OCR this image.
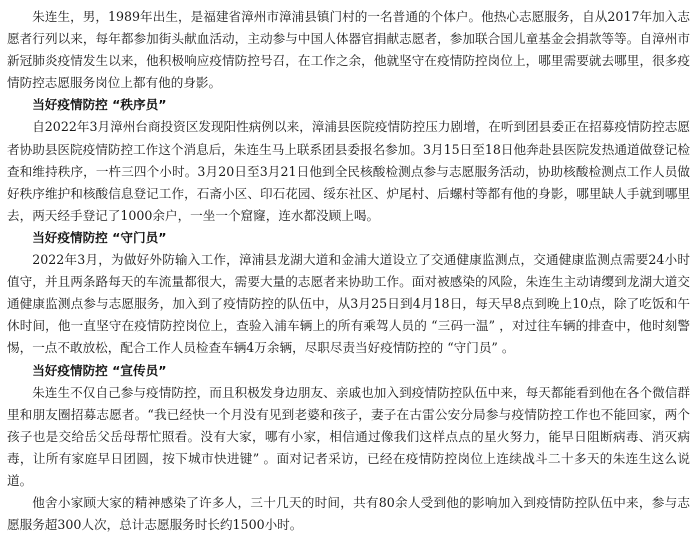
朱连生，男，1989年出生，是福建省漳州市漳浦县镇门村的一名普通的个体户。他热心志愿服务，自从2017年加入志愿者行列以来，每年都参加街头献血活动，主动参与中国人体器官捐献志愿者，参加联合国儿童基金会捐款等等。自漳州市新冠肺炎疫情发生以来，他积极响应疫情防控号召，在工作之余，他就坚守在疫情防控岗位上，哪里需要就去哪里，很多疫情防控志愿服务岗位上都有他的身影。

当好疫情防控 “秩序员”

自2022年3月漳州台商投资区发现阳性病例以来，漳浦县医院疫情防控压力剧增，在听到团县委正在招募疫情防控志愿者协助县医院疫情防控工作这个消息后，朱连生马上联系团县委报名参加。3月15日至18日他奔赴县医院发热通道做登记检查和维持秩序，一杵三四个小时。3月20日至3月21日他到全民核酸检测点参与志愿服务活动，协助核酸检测点工作人员做好秩序维护和核酸信息登记工作，石斋小区、印石花园、绥东社区、炉尾村、后螺村等都有他的身影，哪里缺人手就到哪里去，两天经手登记了1000余户，一坐一个窟窿，连水都没顾上喝。

当好疫情防控 “守门员”

2022年3月，为做好外防输入工作，漳浦县龙湖大道和金浦大道设立了交通健康监测点，交通健康监测点需要24小时值守，并且两条路每天的车流量都很大，需要大量的志愿者来协助工作。面对被感染的风险，朱连生主动请缨到龙湖大道交通健康监测点参与志愿服务，加入到了疫情防控的队伍中，从3月25日到4月18日，每天早8点到晚上10点，除了吃饭和午休时间，他一直坚守在疫情防控岗位上，查验入浦车辆上的所有乘驾人员的 “三码一温” ，对过往车辆的排查中，他时刻警惕，一点不敢放松，配合工作人员检查车辆4万余辆，尽职尽责当好疫情防控的 “守门员” 。

当好疫情防控 “宣传员”

朱连生不仅自己参与疫情防控，而且积极发身边朋友、亲戚也加入到疫情防控队伍中来，每天都能看到他在各个微信群里和朋友圈招募志愿者。“我已经快一个月没有见到老婆和孩子，妻子在古雷公安分局参与疫情防控工作也不能回家，两个孩子也是交给岳父岳母帮忙照看。没有大家，哪有小家，相信通过像我们这样点点的星火努力，能早日阻断病毒、消灭病毒，让所有家庭早日团圆，按下城市快进键” 。面对记者采访，已经在疫情防控岗位上连续战斗二十多天的朱连生这么说道。

他舍小家顾大家的精神感染了许多人，三十几天的时间，共有80余人受到他的影响加入到疫情防控队伍中来，参与志愿服务超300人次，总计志愿服务时长约1500小时。
